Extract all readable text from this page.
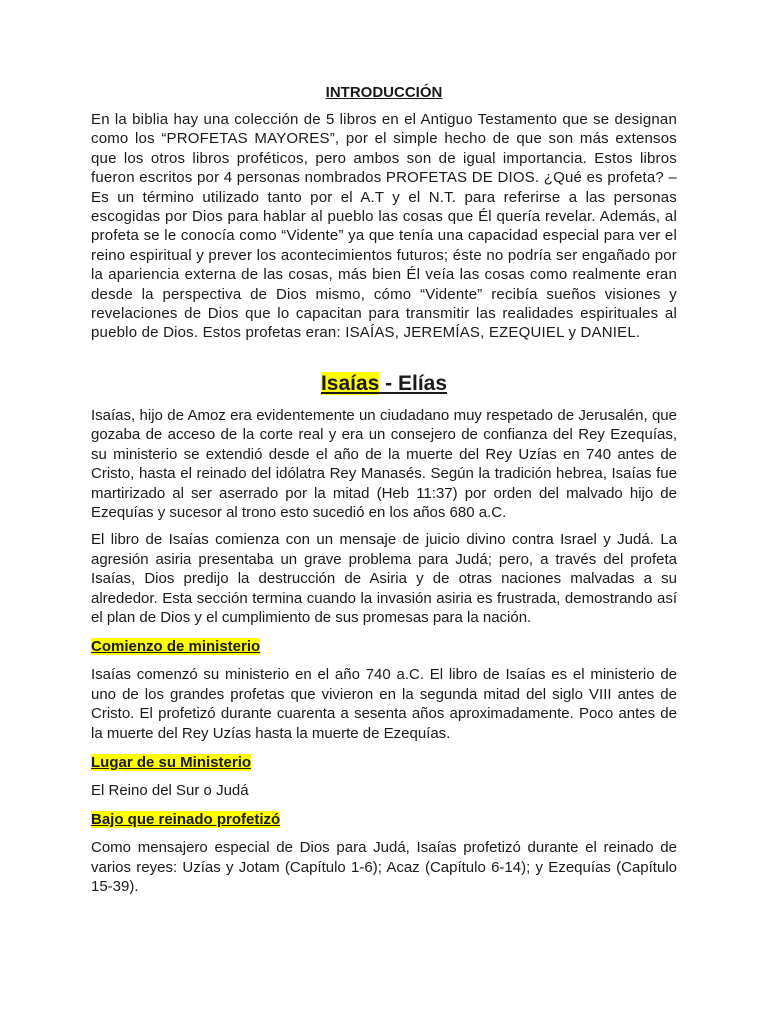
INTRODUCCIÓN

En la biblia hay una colección de 5 libros en el Antiguo Testamento que se designan como los “PROFETAS MAYORES”, por el simple hecho de que son más extensos que los otros libros proféticos, pero ambos son de igual importancia. Estos libros fueron escritos por 4 personas nombrados PROFETAS DE DIOS. ¿Qué es profeta? – Es un término utilizado tanto por el A.T y el N.T. para referirse a las personas escogidas por Dios para hablar al pueblo las cosas que Él quería revelar. Además, al profeta se le conocía como “Vidente” ya que tenía una capacidad especial para ver el reino espiritual y prever los acontecimientos futuros; éste no podría ser engañado por la apariencia externa de las cosas, más bien Él veía las cosas como realmente eran desde la perspectiva de Dios mismo, cómo “Vidente” recibía sueños visiones y revelaciones de Dios que lo capacitan para transmitir las realidades espirituales al pueblo de Dios. Estos profetas eran: ISAÍAS, JEREMÍAS, EZEQUIEL y DANIEL.

Isaías - Elías

Isaías, hijo de Amoz era evidentemente un ciudadano muy respetado de Jerusalén, que gozaba de acceso de la corte real y era un consejero de confianza del Rey Ezequías, su ministerio se extendió desde el año de la muerte del Rey Uzías en 740 antes de Cristo, hasta el reinado del idólatra Rey Manasés. Según la tradición hebrea, Isaías fue martirizado al ser aserrado por la mitad (Heb 11:37) por orden del malvado hijo de Ezequías y sucesor al trono esto sucedió en los años 680 a.C.

El libro de Isaías comienza con un mensaje de juicio divino contra Israel y Judá. La agresión asiria presentaba un grave problema para Judá; pero, a través del profeta Isaías, Dios predijo la destrucción de Asiria y de otras naciones malvadas a su alrededor. Esta sección termina cuando la invasión asiria es frustrada, demostrando así el plan de Dios y el cumplimiento de sus promesas para la nación.

Comienzo de ministerio

Isaías comenzó su ministerio en el año 740 a.C. El libro de Isaías es el ministerio de uno de los grandes profetas que vivieron en la segunda mitad del siglo VIII antes de Cristo. El profetizó durante cuarenta a sesenta años aproximadamente. Poco antes de la muerte del Rey Uzías hasta la muerte de Ezequías.

Lugar de su Ministerio

El Reino del Sur o Judá

Bajo que reinado profetizó

Como mensajero especial de Dios para Judá, Isaías profetizó durante el reinado de varios reyes: Uzías y Jotam (Capítulo 1-6); Acaz (Capítulo 6-14); y Ezequías (Capítulo 15-39).
